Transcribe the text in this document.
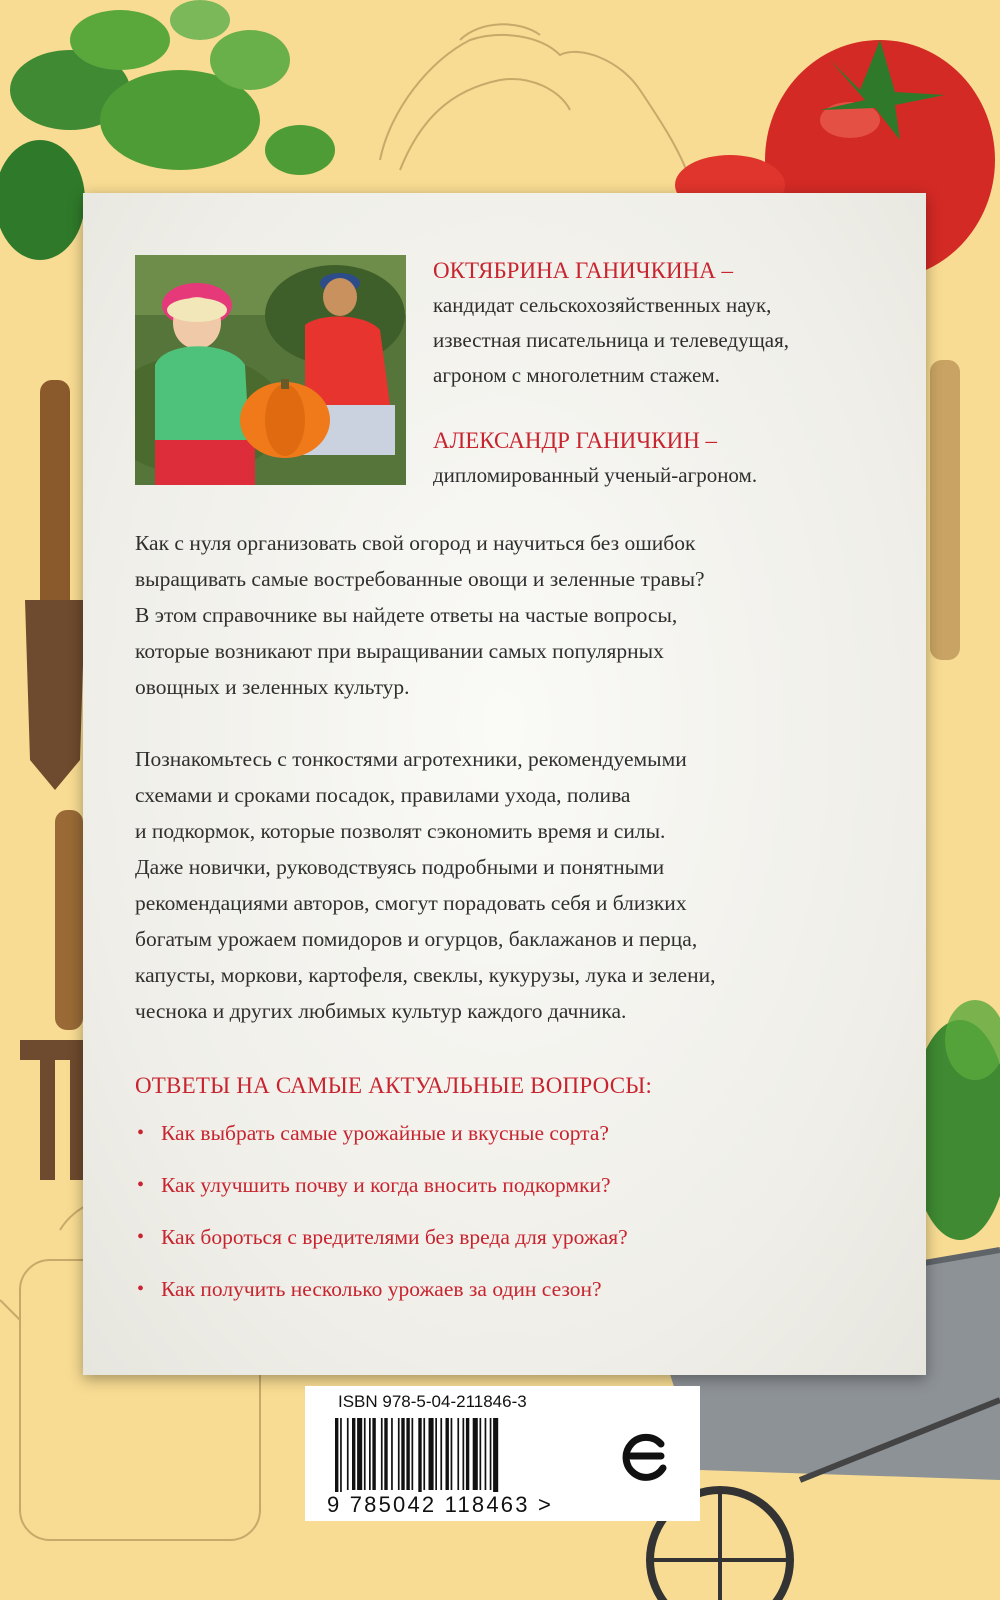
ОКТЯБРИНА ГАНИЧКИНА –
кандидат сельскохозяйственных наук,
известная писательница и телеведущая,
агроном с многолетним стажем.
АЛЕКСАНДР ГАНИЧКИН –
дипломированный ученый-агроном.
Как с нуля организовать свой огород и научиться без ошибок
выращивать самые востребованные овощи и зеленные травы?
В этом справочнике вы найдете ответы на частые вопросы,
которые возникают при выращивании самых популярных
овощных и зеленных культур.
Познакомьтесь с тонкостями агротехники, рекомендуемыми
схемами и сроками посадок, правилами ухода, полива
и подкормок, которые позволят сэкономить время и силы.
Даже новички, руководствуясь подробными и понятными
рекомендациями авторов, смогут порадовать себя и близких
богатым урожаем помидоров и огурцов, баклажанов и перца,
капусты, моркови, картофеля, свеклы, кукурузы, лука и зелени,
чеснока и других любимых культур каждого дачника.
ОТВЕТЫ НА САМЫЕ АКТУАЛЬНЫЕ ВОПРОСЫ:
• Как выбрать самые урожайные и вкусные сорта?
• Как улучшить почву и когда вносить подкормки?
• Как бороться с вредителями без вреда для урожая?
• Как получить несколько урожаев за один сезон?
ISBN 978-5-04-211846-3
9 785042 118463 >
